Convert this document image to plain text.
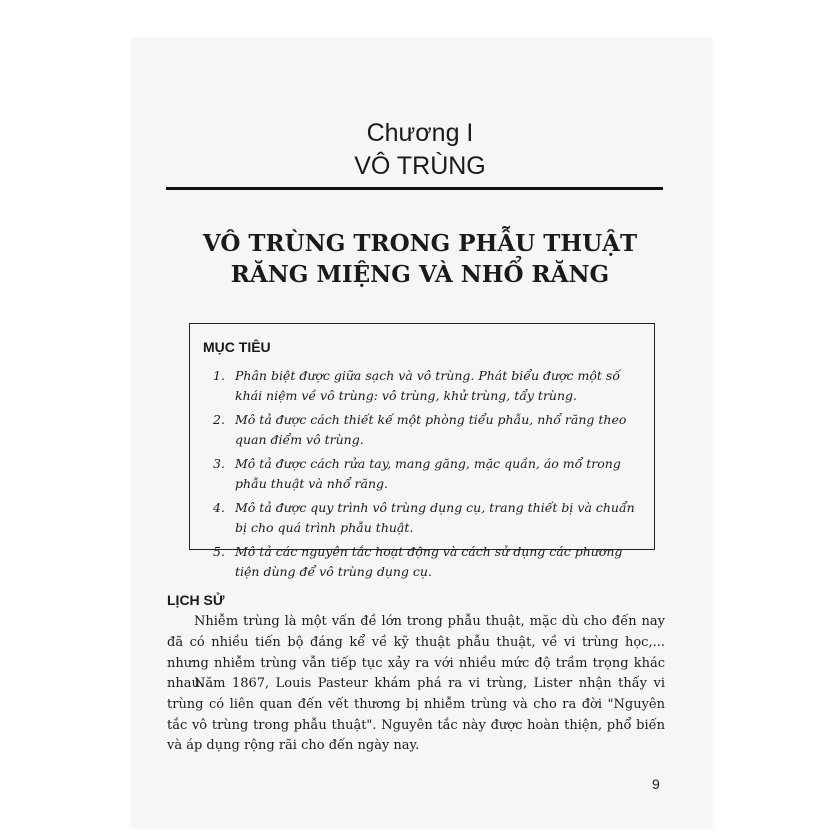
Chương I
VÔ TRÙNG
VÔ TRÙNG TRONG PHẪU THUẬT
RĂNG MIỆNG VÀ NHỔ RĂNG
MỤC TIÊU
1. Phân biệt được giữa sạch và vô trùng. Phát biểu được một số khái niệm về vô trùng: vô trùng, khử trùng, tẩy trùng.
2. Mô tả được cách thiết kế một phòng tiểu phẫu, nhổ răng theo quan điểm vô trùng.
3. Mô tả được cách rửa tay, mang găng, mặc quần, áo mổ trong phẫu thuật và nhổ răng.
4. Mô tả được quy trình vô trùng dụng cụ, trang thiết bị và chuẩn bị cho quá trình phẫu thuật.
5. Mô tả các nguyên tắc hoạt động và cách sử dụng các phương tiện dùng để vô trùng dụng cụ.
LỊCH SỬ

Nhiễm trùng là một vấn đề lớn trong phẫu thuật, mặc dù cho đến nay đã có nhiều tiến bộ đáng kể về kỹ thuật phẫu thuật, về vi trùng học,... nhưng nhiễm trùng vẫn tiếp tục xảy ra với nhiều mức độ trầm trọng khác nhau.

Năm 1867, Louis Pasteur khám phá ra vi trùng, Lister nhận thấy vi trùng có liên quan đến vết thương bị nhiễm trùng và cho ra đời "Nguyên tắc vô trùng trong phẫu thuật". Nguyên tắc này được hoàn thiện, phổ biến và áp dụng rộng rãi cho đến ngày nay.

9
